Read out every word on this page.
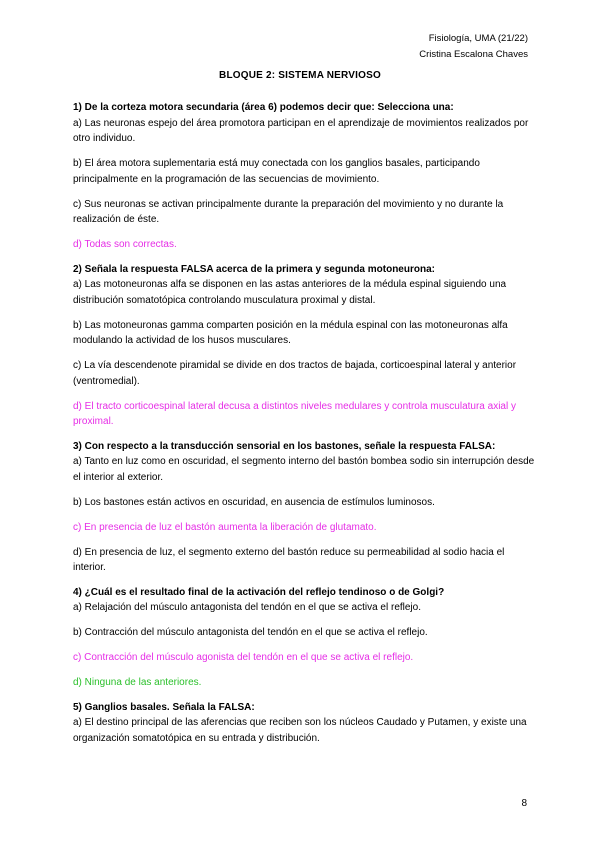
Fisiología, UMA (21/22)
Cristina Escalona Chaves
BLOQUE 2: SISTEMA NERVIOSO

1) De la corteza motora secundaria (área 6) podemos decir que: Selecciona una:

a) Las neuronas espejo del área promotora participan en el aprendizaje de movimientos realizados por otro individuo.

b) El área motora suplementaria está muy conectada con los ganglios basales, participando principalmente en la programación de las secuencias de movimiento.

c) Sus neuronas se activan principalmente durante la preparación del movimiento y no durante la realización de éste.

d) Todas son correctas.

2) Señala la respuesta FALSA acerca de la primera y segunda motoneurona:

a) Las motoneuronas alfa se disponen en las astas anteriores de la médula espinal siguiendo una distribución somatotópica controlando musculatura proximal y distal.

b) Las motoneuronas gamma comparten posición en la médula espinal con las motoneuronas alfa modulando la actividad de los husos musculares.

c) La vía descendenote piramidal se divide en dos tractos de bajada, corticoespinal lateral y anterior (ventromedial).

d) El tracto corticoespinal lateral decusa a distintos niveles medulares y controla musculatura axial y proximal.

3) Con respecto a la transducción sensorial en los bastones, señale la respuesta FALSA:

a) Tanto en luz como en oscuridad, el segmento interno del bastón bombea sodio sin interrupción desde el interior al exterior.

b) Los bastones están activos en oscuridad, en ausencia de estímulos luminosos.

c) En presencia de luz el bastón aumenta la liberación de glutamato.

d) En presencia de luz, el segmento externo del bastón reduce su permeabilidad al sodio hacia el interior.

4) ¿Cuál es el resultado final de la activación del reflejo tendinoso o de Golgi?

a) Relajación del músculo antagonista del tendón en el que se activa el reflejo.

b) Contracción del músculo antagonista del tendón en el que se activa el reflejo.

c) Contracción del músculo agonista del tendón en el que se activa el reflejo.

d) Ninguna de las anteriores.

5) Ganglios basales. Señala la FALSA:

a) El destino principal de las aferencias que reciben son los núcleos Caudado y Putamen, y existe una organización somatotópica en su entrada y distribución.

8
